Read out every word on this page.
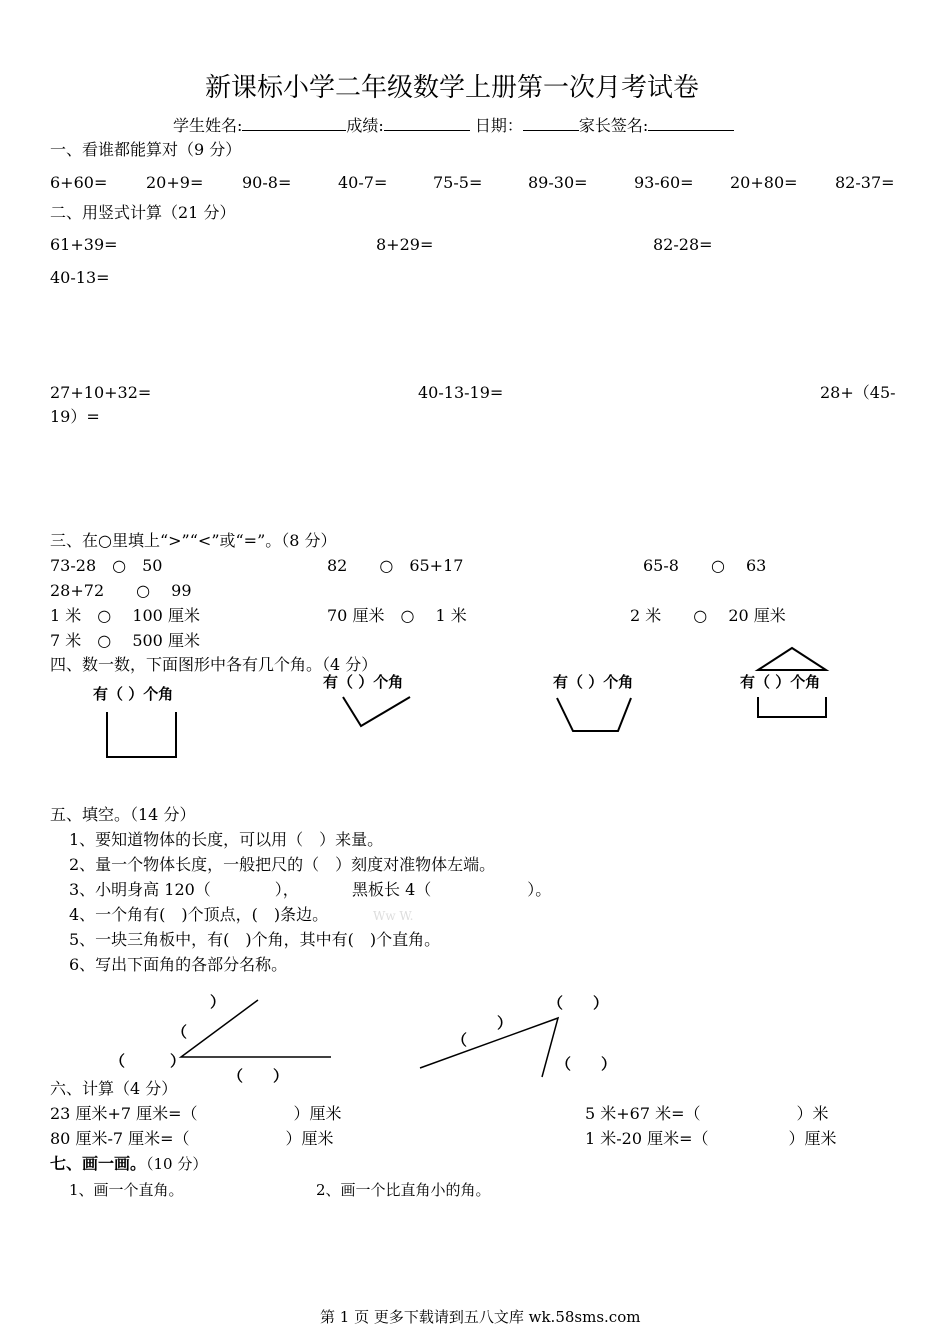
新课标小学二年级数学上册第一次月考试卷
学生姓名:	成绩:	日期：	家长签名:
一、看谁都能算对（9 分）
6+60= 20+9= 90-8=	40-7=	75-5=	89-30=	93-60= 20+80= 82-37=
二、用竖式计算（21 分）
61+39=	8+29=	82-28=
40-13=
27+10+32=	40-13-19=	28+（45-
19）=
三、在○里填上“>”“<”或“=”。（8 分）
73-28　○　50	82　　○　65+17	65-8　　○　 63
28+72　　○　 99
1 米　○　 100 厘米	70 厘米　○　 1 米	2 米　　○　 20 厘米
7 米　○　 500 厘米
四、数一数，下面图形中各有几个角。（4 分）
有（ ）个角
有（ ）个角	有（ ）个角	有（ ）个角
五、填空。（14 分）
1、要知道物体的长度，可以用（　）来量。
2、量一个物体长度，一般把尺的（　）刻度对准物体左端。
3、小明身高 120（　　　　），	黑板长 4（　　　　　　）。
4、一个角有(　)个顶点，(　)条边。	Ww W.
5、一块三角板中，有(　)个角，其中有(　)个直角。
6、写出下面角的各部分名称。
）
（
（	）
（　　）
（　　）
）
（
（　　）
六、计算（4 分）
23 厘米+7 厘米=（　　　　　　）厘米	5 米+67 米=（　　　　　　）米
80 厘米-7 厘米=（　　　　　　）厘米	1 米-20 厘米=（　　　　　）厘米
七、画一画。（10 分）
1、画一个直角。	2、画一个比直角小的角。
第 1 页 更多下载请到五八文库 wk.58sms.com
